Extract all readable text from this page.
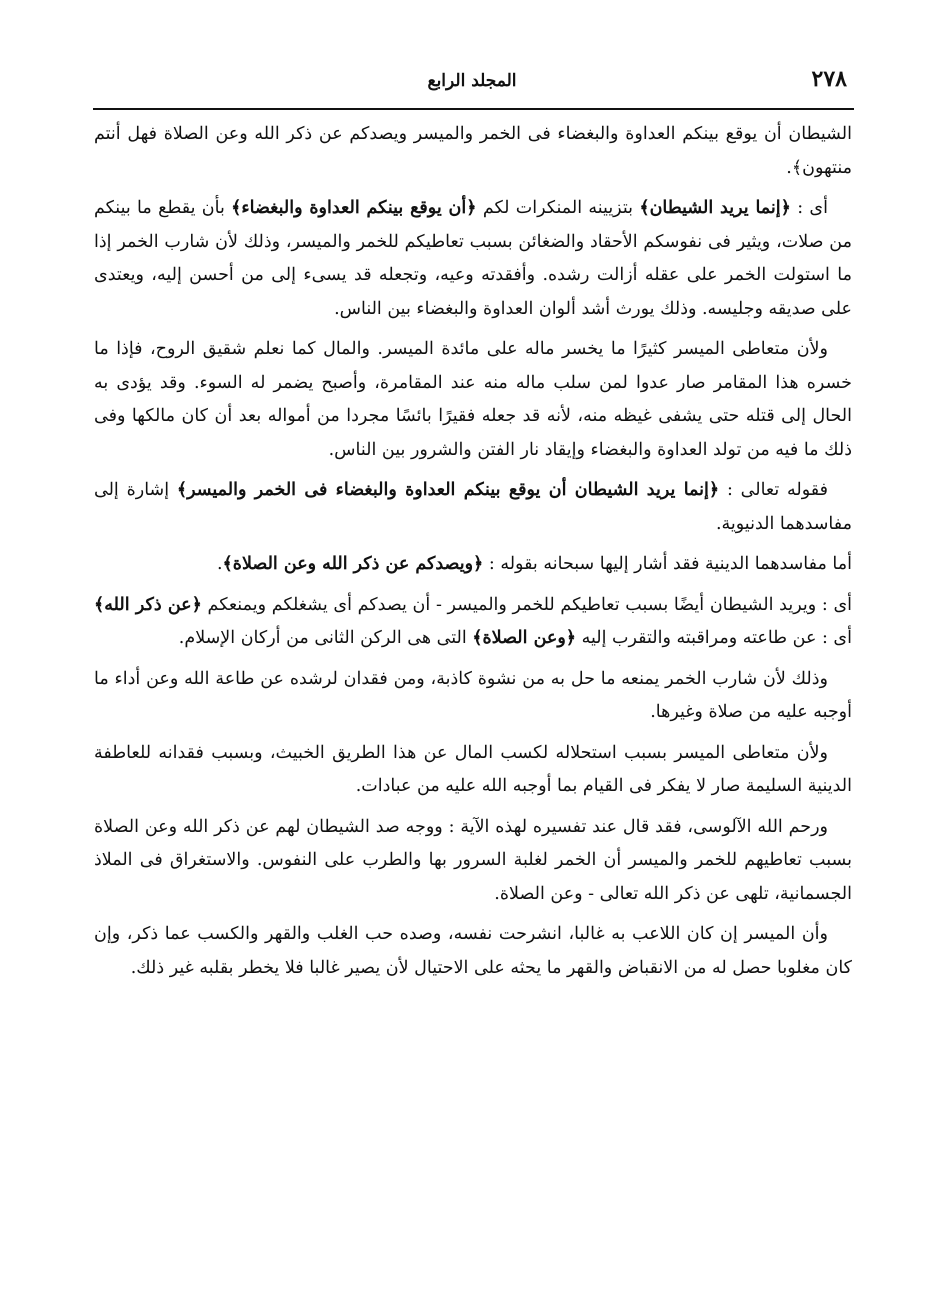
٢٧٨
المجلد الرابع

الشيطان أن يوقع بينكم العداوة والبغضاء فى الخمر والميسر ويصدكم عن ذكر الله وعن الصلاة فهل أنتم منتهون﴾.

أى : ﴿إنما يريد الشيطان﴾ بتزيينه المنكرات لكم ﴿أن يوقع بينكم العداوة والبغضاء﴾ بأن يقطع ما بينكم من صلات، ويثير فى نفوسكم الأحقاد والضغائن بسبب تعاطيكم للخمر والميسر، وذلك لأن شارب الخمر إذا ما استولت الخمر على عقله أزالت رشده. وأفقدته وعيه، وتجعله قد يسىء إلى من أحسن إليه، ويعتدى على صديقه وجليسه. وذلك يورث أشد ألوان العداوة والبغضاء بين الناس.

ولأن متعاطى الميسر كثيرًا ما يخسر ماله على مائدة الميسر. والمال كما نعلم شقيق الروح، فإذا ما خسره هذا المقامر صار عدوا لمن سلب ماله منه عند المقامرة، وأصبح يضمر له السوء. وقد يؤدى به الحال إلى قتله حتى يشفى غيظه منه، لأنه قد جعله فقيرًا بائسًا مجردا من أمواله بعد أن كان مالكها وفى ذلك ما فيه من تولد العداوة والبغضاء وإيقاد نار الفتن والشرور بين الناس.

فقوله تعالى : ﴿إنما يريد الشيطان أن يوقع بينكم العداوة والبغضاء فى الخمر والميسر﴾ إشارة إلى مفاسدهما الدنيوية.

أما مفاسدهما الدينية فقد أشار إليها سبحانه بقوله : ﴿ويصدكم عن ذكر الله وعن الصلاة﴾.

أى : ويريد الشيطان أيضًا بسبب تعاطيكم للخمر والميسر - أن يصدكم أى يشغلكم ويمنعكم ﴿عن ذكر الله﴾ أى : عن طاعته ومراقبته والتقرب إليه ﴿وعن الصلاة﴾ التى هى الركن الثانى من أركان الإسلام.

وذلك لأن شارب الخمر يمنعه ما حل به من نشوة كاذبة، ومن فقدان لرشده عن طاعة الله وعن أداء ما أوجبه عليه من صلاة وغيرها.

ولأن متعاطى الميسر بسبب استحلاله لكسب المال عن هذا الطريق الخبيث، وبسبب فقدانه للعاطفة الدينية السليمة صار لا يفكر فى القيام بما أوجبه الله عليه من عبادات.

ورحم الله الآلوسى، فقد قال عند تفسيره لهذه الآية : ووجه صد الشيطان لهم عن ذكر الله وعن الصلاة بسبب تعاطيهم للخمر والميسر أن الخمر لغلبة السرور بها والطرب على النفوس. والاستغراق فى الملاذ الجسمانية، تلهى عن ذكر الله تعالى - وعن الصلاة.

وأن الميسر إن كان اللاعب به غالبا، انشرحت نفسه، وصده حب الغلب والقهر والكسب عما ذكر، وإن كان مغلوبا حصل له من الانقباض والقهر ما يحثه على الاحتيال لأن يصير غالبا فلا يخطر بقلبه غير ذلك.
